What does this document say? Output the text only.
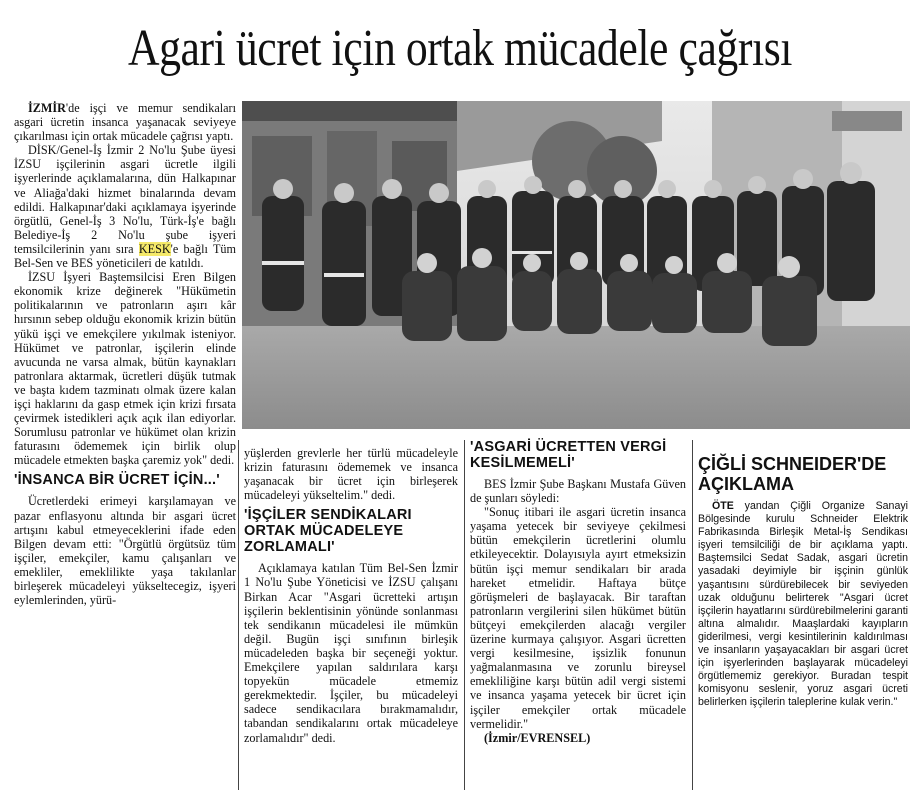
Agari ücret için ortak mücadele çağrısı

İZMİR'de işçi ve memur sendikaları asgari ücretin insanca yaşanacak seviyeye çıkarılması için ortak mücadele çağrısı yaptı.

DİSK/Genel-İş İzmir 2 No'lu Şube üyesi İZSU işçilerinin asgari ücretle ilgili işyerlerinde açıklamalarına, dün Halkapınar ve Aliağa'daki hizmet binalarında devam edildi. Halkapınar'daki açıklamaya işyerinde örgütlü, Genel-İş 3 No'lu, Türk-İş'e bağlı Belediye-İş 2 No'lu şube işyeri temsilcilerinin yanı sıra KESK'e bağlı Tüm Bel-Sen ve BES yöneticileri de katıldı.

İZSU İşyeri Baştemsilcisi Eren Bilgen ekonomik krize değinerek "Hükümetin politikalarının ve patronların aşırı kâr hırsının sebep olduğu ekonomik krizin bütün yükü işçi ve emekçilere yıkılmak isteniyor. Hükümet ve patronlar, işçilerin elinde avucunda ne varsa almak, bütün kaynakları patronlara aktarmak, ücretleri düşük tutmak ve başta kıdem tazminatı olmak üzere kalan işçi haklarını da gasp etmek için krizi fırsata çevirmek istedikleri açık açık ilan ediyorlar. Sorumlusu patronlar ve hükümet olan krizin faturasını ödememek için birlik olup mücadele etmekten başka çaremiz yok" dedi.

'İNSANCA BİR ÜCRET İÇİN...'

Ücretlerdeki erimeyi karşılamayan ve pazar enflasyonu altında bir asgari ücret artışını kabul etmeyeceklerini ifade eden Bilgen devam etti: "Örgütlü örgütsüz tüm işçiler, emekçiler, kamu çalışanları ve emekliler, emeklilikte yaşa takılanlar birleşerek mücadeleyi yükseltecegiz, işyeri eylemlerinden, yürü-

yüşlerden grevlerle her türlü mücadeleyle krizin faturasını ödememek ve insanca yaşanacak bir ücret için birleşerek mücadeleyi yükseltelim." dedi.

'İŞÇİLER SENDİKALARI ORTAK MÜCADELEYE ZORLAMALI'

Açıklamaya katılan Tüm Bel-Sen İzmir 1 No'lu Şube Yöneticisi ve İZSU çalışanı Birkan Acar "Asgari ücretteki artışın işçilerin beklentisinin yönünde sonlanması tek sendikanın mücadelesi ile mümkün değil. Bugün işçi sınıfının birleşik mücadeleden başka bir seçeneği yoktur. Emekçilere yapılan saldırılara karşı topyekün mücadele etmemiz gerekmektedir. İşçiler, bu mücadeleyi sadece sendikacılara bırakmamalıdır, tabandan sendikalarını ortak mücadeleye zorlamalıdır" dedi.

'ASGARİ ÜCRETTEN VERGİ KESİLMEMELİ'

BES İzmir Şube Başkanı Mustafa Güven de şunları söyledi:

"Sonuç itibari ile asgari ücretin insanca yaşama yetecek bir seviyeye çekilmesi bütün emekçilerin ücretlerini olumlu etkileyecektir. Dolayısıyla ayırt etmeksizin bütün işçi memur sendikaları bir arada hareket etmelidir. Haftaya bütçe görüşmeleri de başlayacak. Bir taraftan patronların vergilerini silen hükümet bütün bütçeyi emekçilerden alacağı vergiler üzerine kurmaya çalışıyor. Asgari ücretten vergi kesilmesine, işsizlik fonunun yağmalanmasına ve zorunlu bireysel emekliliğine karşı bütün adil vergi sistemi ve insanca yaşama yetecek bir ücret için işçiler emekçiler ortak mücadele vermelidir."

(İzmir/EVRENSEL)

ÇİĞLİ SCHNEIDER'DE AÇIKLAMA

ÖTE yandan Çiğli Organize Sanayi Bölgesinde kurulu Schneider Elektrik Fabrikasında Birleşik Metal-İş Sendikası işyeri temsilciliği de bir açıklama yaptı. Baştemsilci Sedat Sadak, asgari ücretin yasadaki deyimiyle bir işçinin günlük yaşantısını sürdürebilecek bir seviyeden uzak olduğunu belirterek "Asgari ücret işçilerin hayatlarını sürdürebilmelerini garanti altına almalıdır. Maaşlardaki kayıpların giderilmesi, vergi kesintilerinin kaldırılması ve insanların yaşayacakları bir asgari ücret için işyerlerinden başlayarak mücadeleyi örgütlememiz gerekiyor. Buradan tespit komisyonu seslenir, yoruz asgari ücreti belirlerken işçilerin taleplerine kulak verin."
